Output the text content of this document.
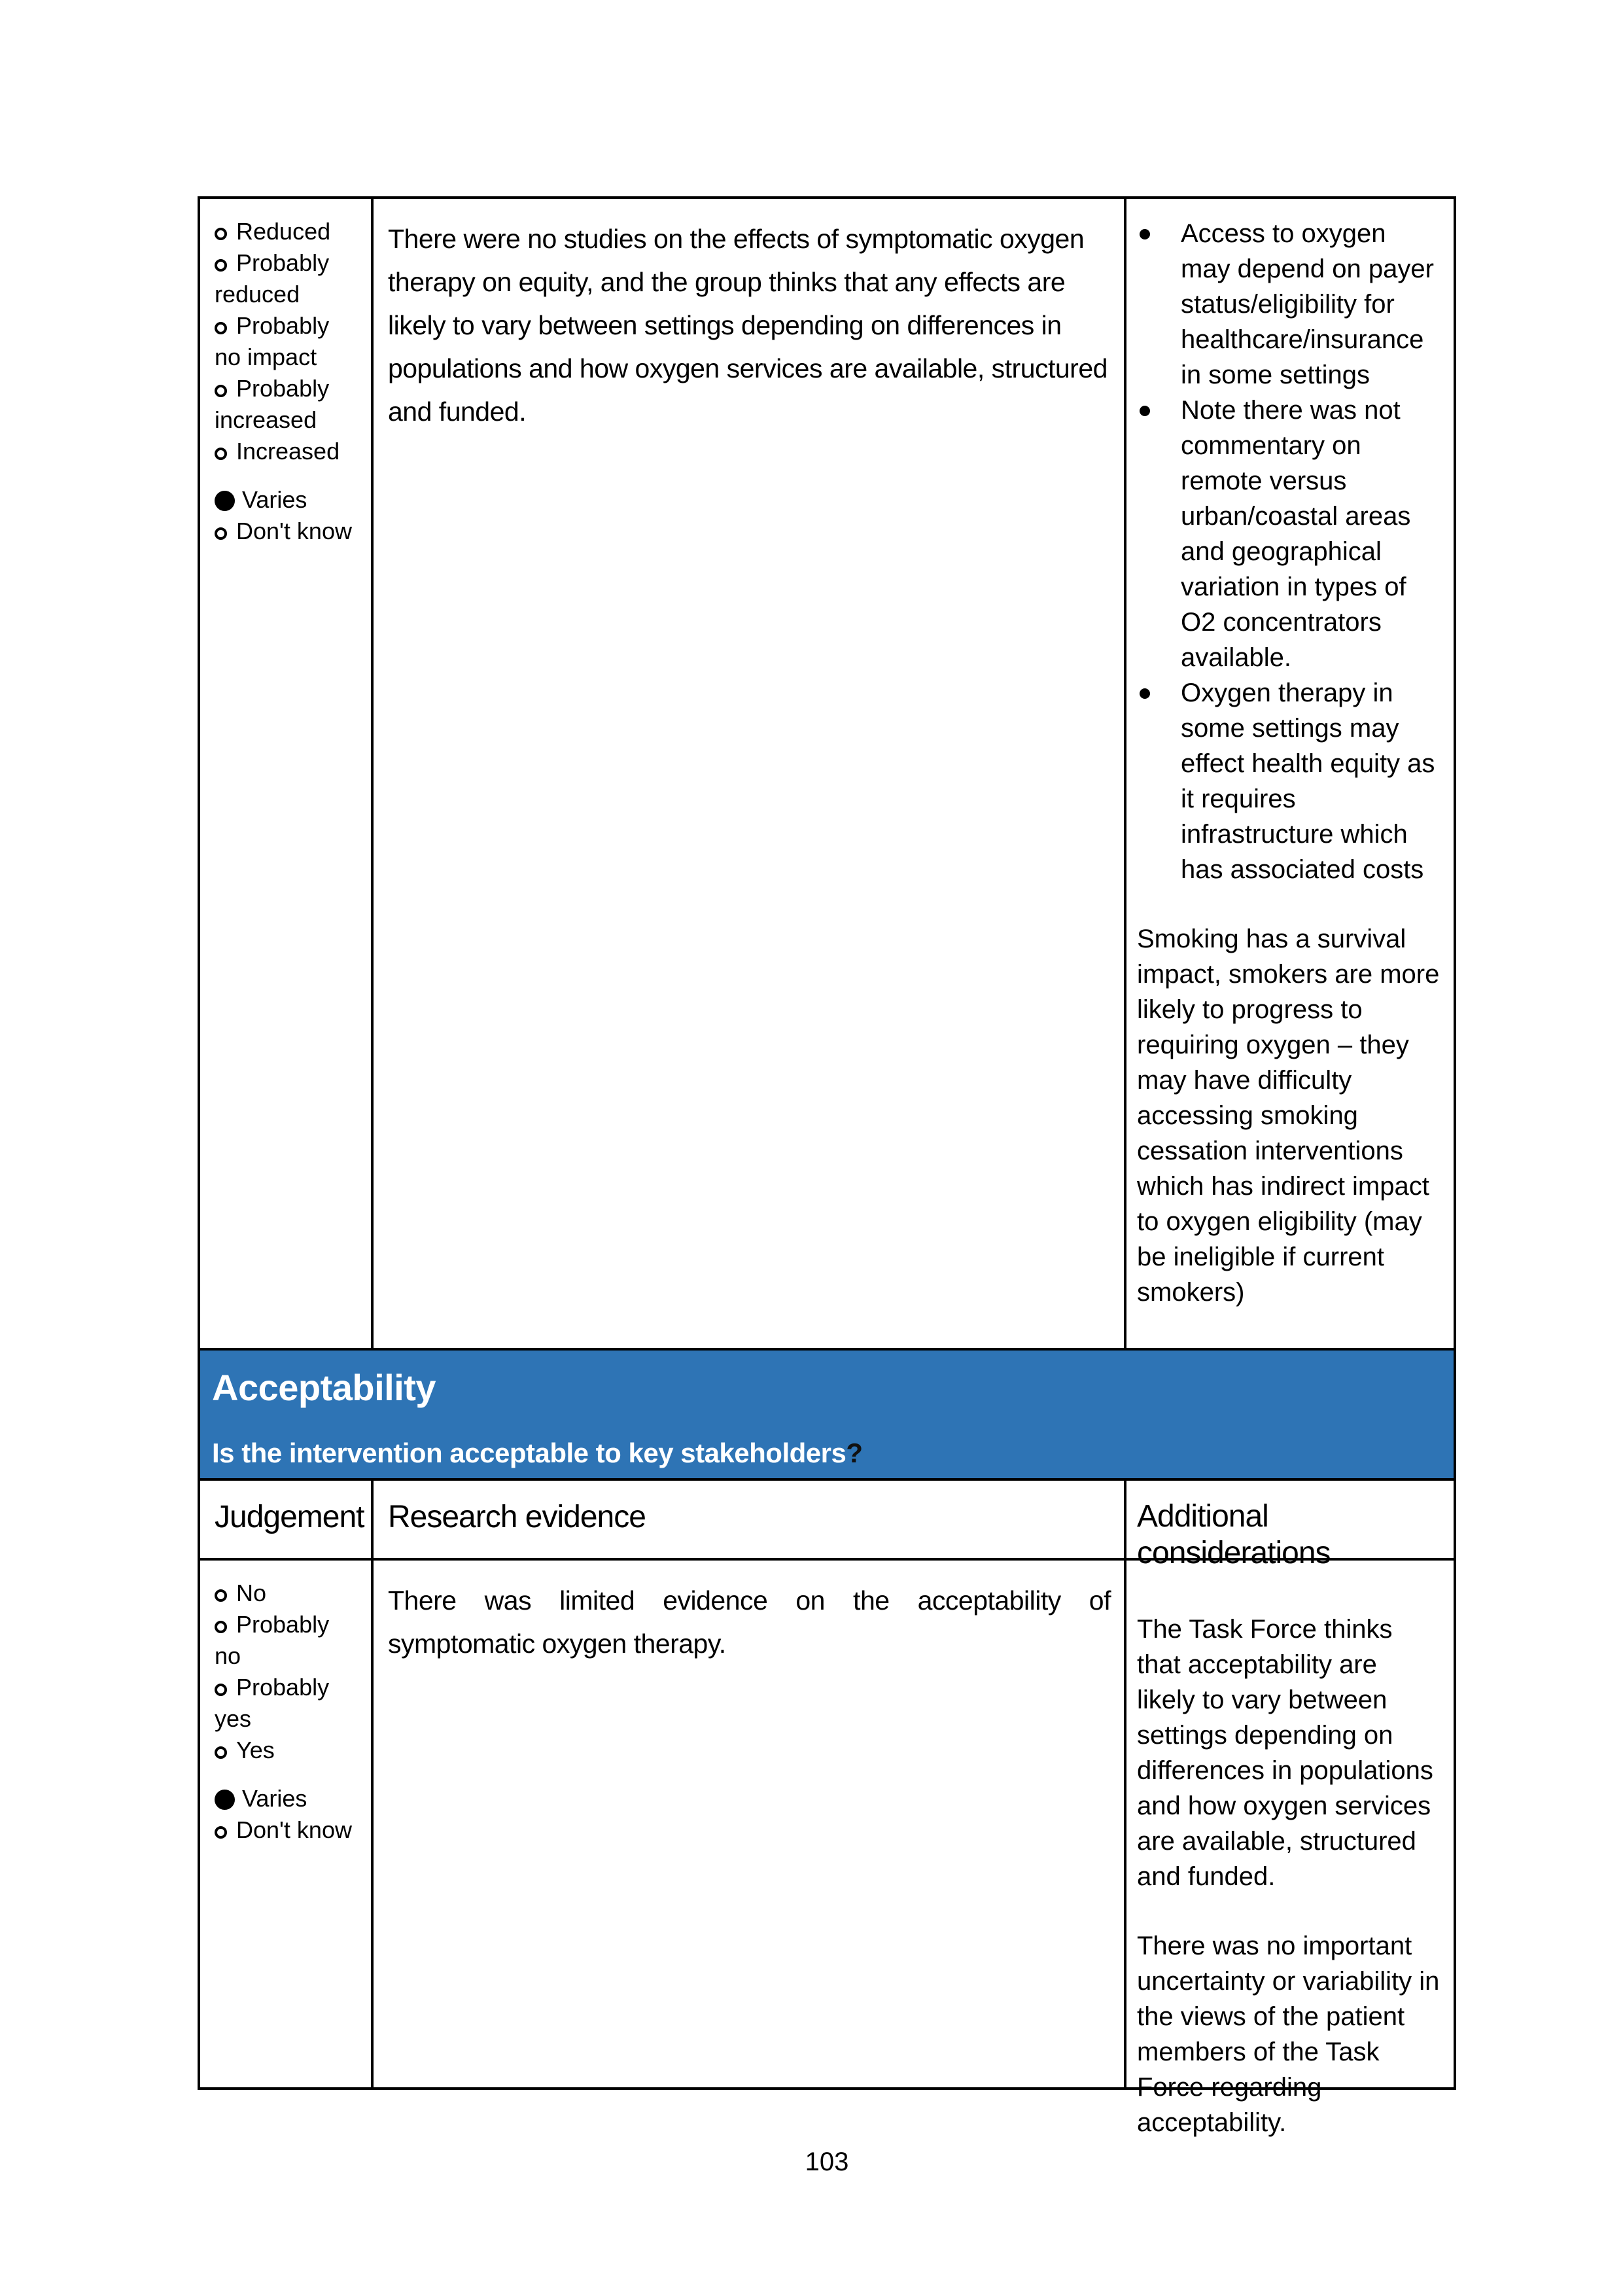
Reduced
Probably reduced
Probably no impact
Probably increased
Increased
Varies
Don't know
There were no studies on the effects of symptomatic oxygen therapy on equity, and the group thinks that any effects are likely to vary between settings depending on differences in populations and how oxygen services are available, structured and funded.
Access to oxygen may depend on payer status/eligibility for healthcare/insurance in some settings
Note there was not commentary on remote versus urban/coastal areas and geographical variation in types of O2 concentrators available.
Oxygen therapy in some settings may effect health equity as it requires infrastructure which has associated costs
Smoking has a survival impact, smokers are more likely to progress to requiring oxygen – they may have difficulty accessing smoking cessation interventions which has indirect impact to oxygen eligibility (may be ineligible if current smokers)
Acceptability
Is the intervention acceptable to key stakeholders?
Judgement Research evidence	Additional considerations
No
Probably no
Probably yes
Yes
Varies
Don't know
There was limited evidence on the acceptability of symptomatic oxygen therapy.	The Task Force thinks that acceptability are likely to vary between settings depending on differences in populations and how oxygen services are available, structured and funded.
There was no important uncertainty or variability in the views of the patient members of the Task Force regarding acceptability.
103
